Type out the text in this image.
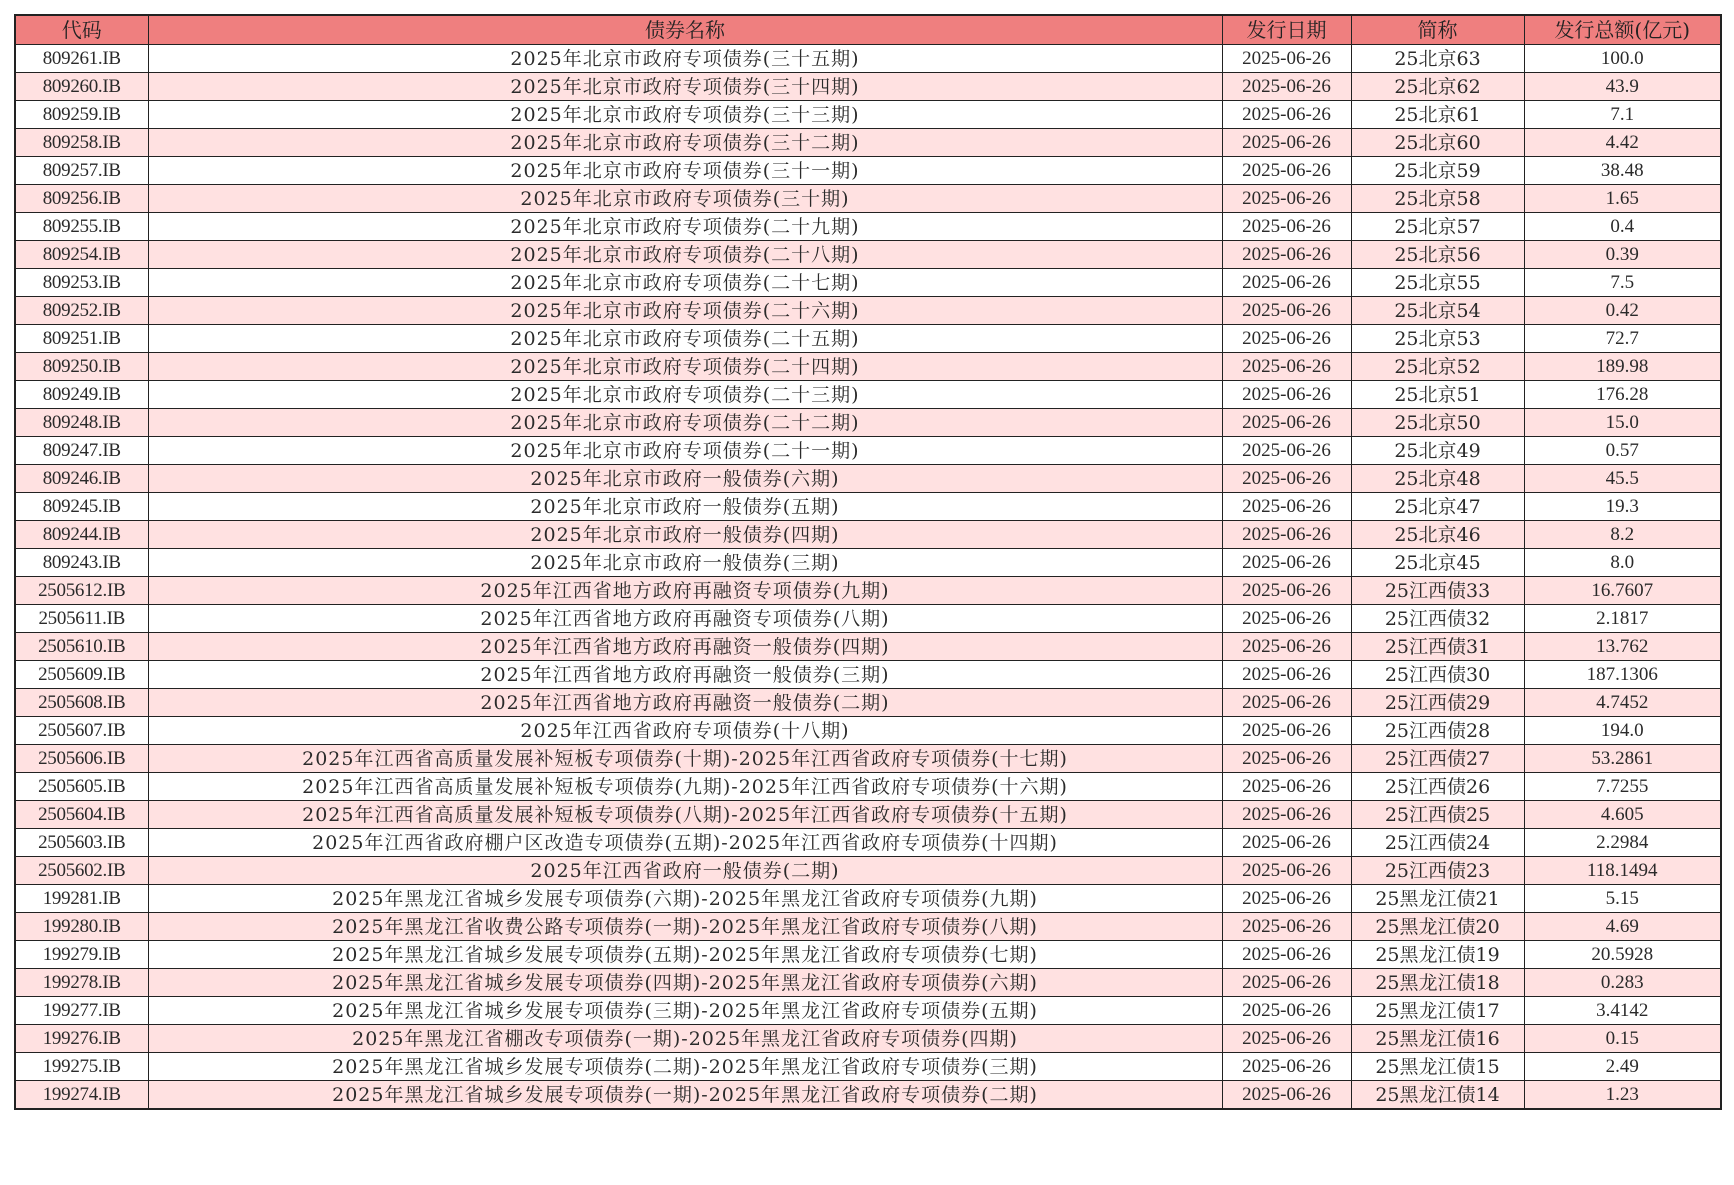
代码	债券名称	发行日期	简称	发行总额(亿元)
809261.IB	2025年北京市政府专项债券(三十五期)	2025-06-26	25北京63	100.0
809260.IB	2025年北京市政府专项债券(三十四期)	2025-06-26	25北京62	43.9
809259.IB	2025年北京市政府专项债券(三十三期)	2025-06-26	25北京61	7.1
809258.IB	2025年北京市政府专项债券(三十二期)	2025-06-26	25北京60	4.42
809257.IB	2025年北京市政府专项债券(三十一期)	2025-06-26	25北京59	38.48
809256.IB	2025年北京市政府专项债券(三十期)	2025-06-26	25北京58	1.65
809255.IB	2025年北京市政府专项债券(二十九期)	2025-06-26	25北京57	0.4
809254.IB	2025年北京市政府专项债券(二十八期)	2025-06-26	25北京56	0.39
809253.IB	2025年北京市政府专项债券(二十七期)	2025-06-26	25北京55	7.5
809252.IB	2025年北京市政府专项债券(二十六期)	2025-06-26	25北京54	0.42
809251.IB	2025年北京市政府专项债券(二十五期)	2025-06-26	25北京53	72.7
809250.IB	2025年北京市政府专项债券(二十四期)	2025-06-26	25北京52	189.98
809249.IB	2025年北京市政府专项债券(二十三期)	2025-06-26	25北京51	176.28
809248.IB	2025年北京市政府专项债券(二十二期)	2025-06-26	25北京50	15.0
809247.IB	2025年北京市政府专项债券(二十一期)	2025-06-26	25北京49	0.57
809246.IB	2025年北京市政府一般债券(六期)	2025-06-26	25北京48	45.5
809245.IB	2025年北京市政府一般债券(五期)	2025-06-26	25北京47	19.3
809244.IB	2025年北京市政府一般债券(四期)	2025-06-26	25北京46	8.2
809243.IB	2025年北京市政府一般债券(三期)	2025-06-26	25北京45	8.0
2505612.IB	2025年江西省地方政府再融资专项债券(九期)	2025-06-26	25江西债33	16.7607
2505611.IB	2025年江西省地方政府再融资专项债券(八期)	2025-06-26	25江西债32	2.1817
2505610.IB	2025年江西省地方政府再融资一般债券(四期)	2025-06-26	25江西债31	13.762
2505609.IB	2025年江西省地方政府再融资一般债券(三期)	2025-06-26	25江西债30	187.1306
2505608.IB	2025年江西省地方政府再融资一般债券(二期)	2025-06-26	25江西债29	4.7452
2505607.IB	2025年江西省政府专项债券(十八期)	2025-06-26	25江西债28	194.0
2505606.IB	2025年江西省高质量发展补短板专项债券(十期)-2025年江西省政府专项债券(十七期)	2025-06-26	25江西债27	53.2861
2505605.IB	2025年江西省高质量发展补短板专项债券(九期)-2025年江西省政府专项债券(十六期)	2025-06-26	25江西债26	7.7255
2505604.IB	2025年江西省高质量发展补短板专项债券(八期)-2025年江西省政府专项债券(十五期)	2025-06-26	25江西债25	4.605
2505603.IB	2025年江西省政府棚户区改造专项债券(五期)-2025年江西省政府专项债券(十四期)	2025-06-26	25江西债24	2.2984
2505602.IB	2025年江西省政府一般债券(二期)	2025-06-26	25江西债23	118.1494
199281.IB	2025年黑龙江省城乡发展专项债券(六期)-2025年黑龙江省政府专项债券(九期)	2025-06-26	25黑龙江债21	5.15
199280.IB	2025年黑龙江省收费公路专项债券(一期)-2025年黑龙江省政府专项债券(八期)	2025-06-26	25黑龙江债20	4.69
199279.IB	2025年黑龙江省城乡发展专项债券(五期)-2025年黑龙江省政府专项债券(七期)	2025-06-26	25黑龙江债19	20.5928
199278.IB	2025年黑龙江省城乡发展专项债券(四期)-2025年黑龙江省政府专项债券(六期)	2025-06-26	25黑龙江债18	0.283
199277.IB	2025年黑龙江省城乡发展专项债券(三期)-2025年黑龙江省政府专项债券(五期)	2025-06-26	25黑龙江债17	3.4142
199276.IB	2025年黑龙江省棚改专项债券(一期)-2025年黑龙江省政府专项债券(四期)	2025-06-26	25黑龙江债16	0.15
199275.IB	2025年黑龙江省城乡发展专项债券(二期)-2025年黑龙江省政府专项债券(三期)	2025-06-26	25黑龙江债15	2.49
199274.IB	2025年黑龙江省城乡发展专项债券(一期)-2025年黑龙江省政府专项债券(二期)	2025-06-26	25黑龙江债14	1.23
